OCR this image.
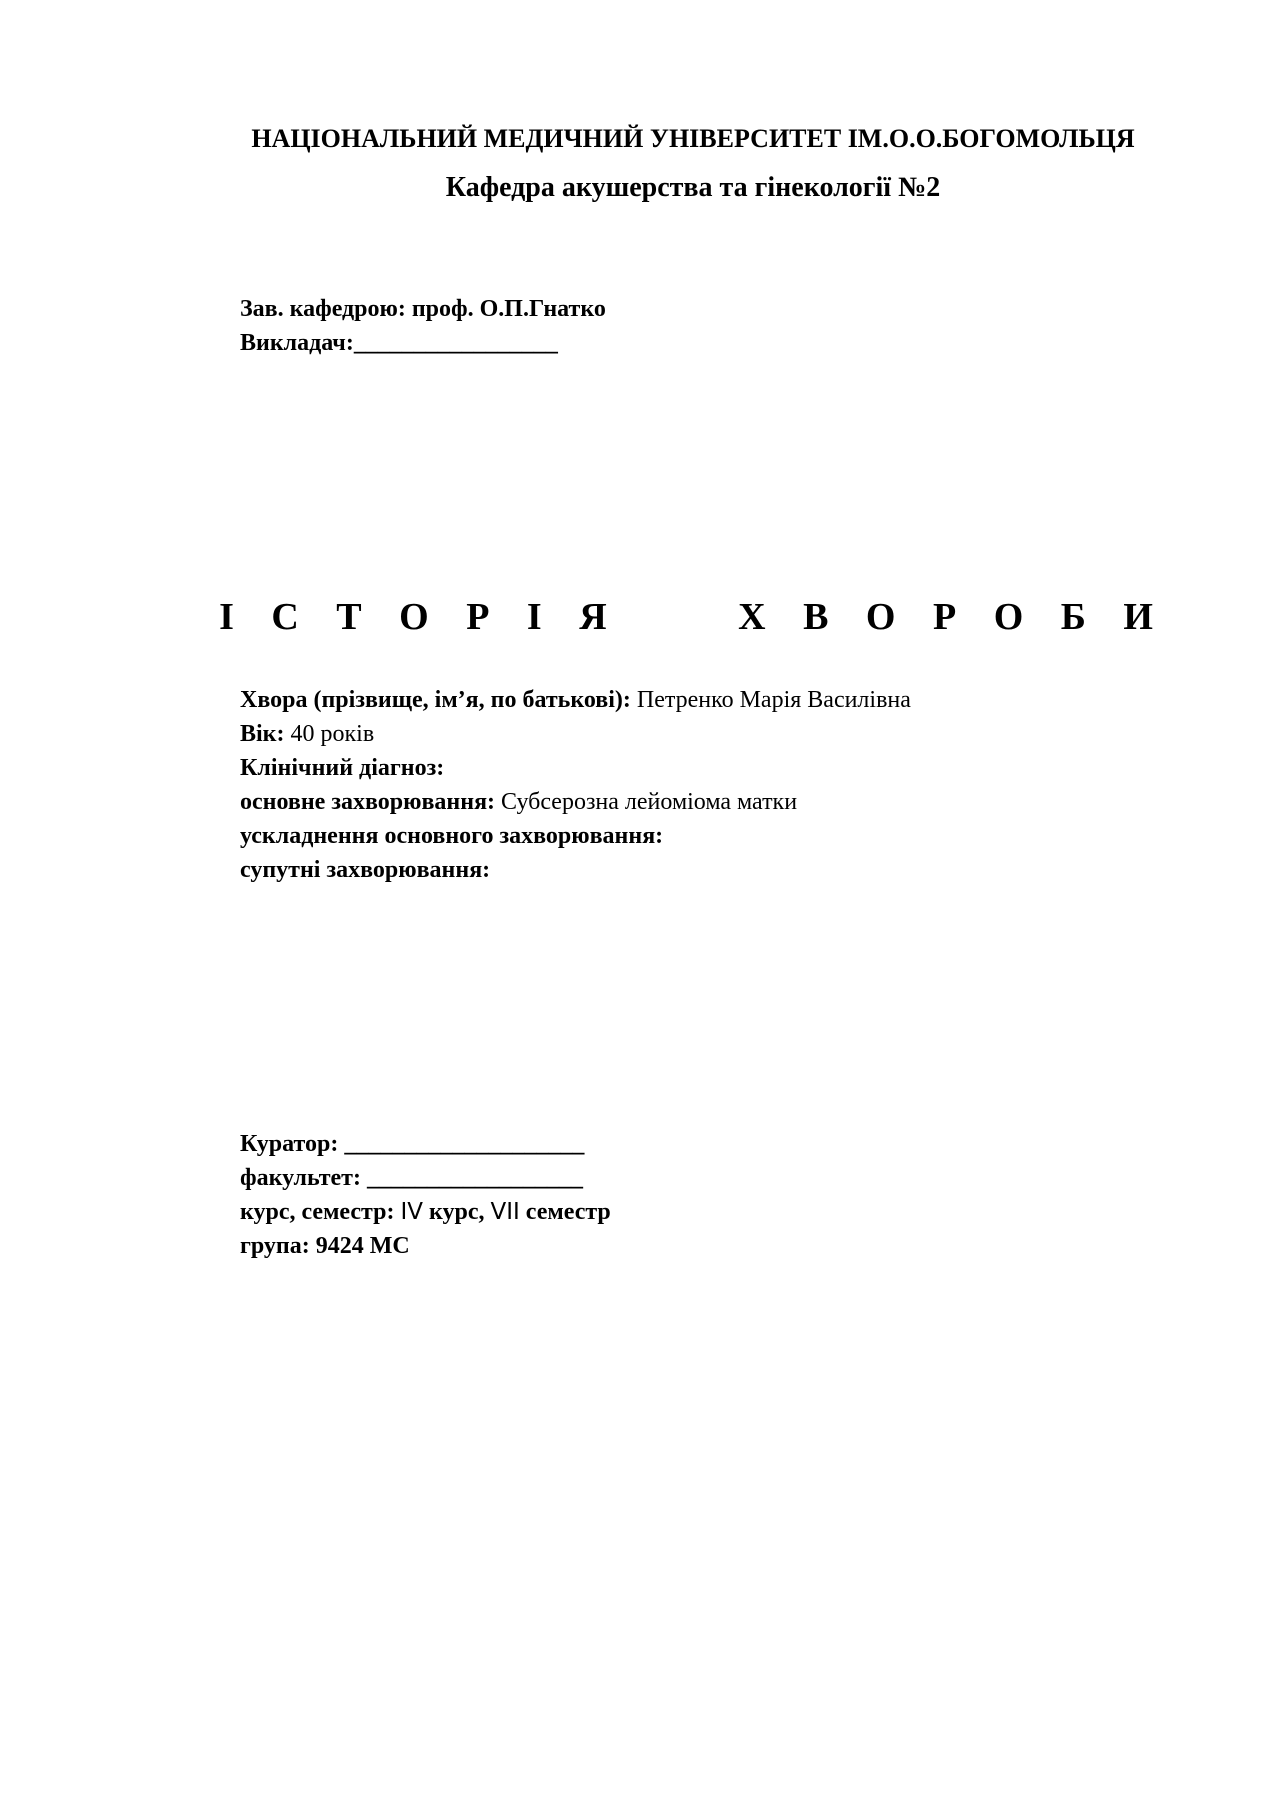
НАЦІОНАЛЬНИЙ МЕДИЧНИЙ УНІВЕРСИТЕТ ІМ.О.О.БОГОМОЛЬЦЯ
Кафедра акушерства та гінекології №2
Зав. кафедрою: проф. О.П.Гнатко
Викладач:_________________
І С Т О Р І Я     Х В О Р О Б И
Хвора (прізвище, ім’я, по батькові): Петренко Марія Василівна
Вік: 40 років
Клінічний діагноз:
основне захворювання: Субсерозна лейоміома матки
ускладнення основного захворювання:
супутні захворювання:
Куратор: ____________________
факультет: __________________
курс, семестр: IV курс, VII семестр
група: 9424 МС
